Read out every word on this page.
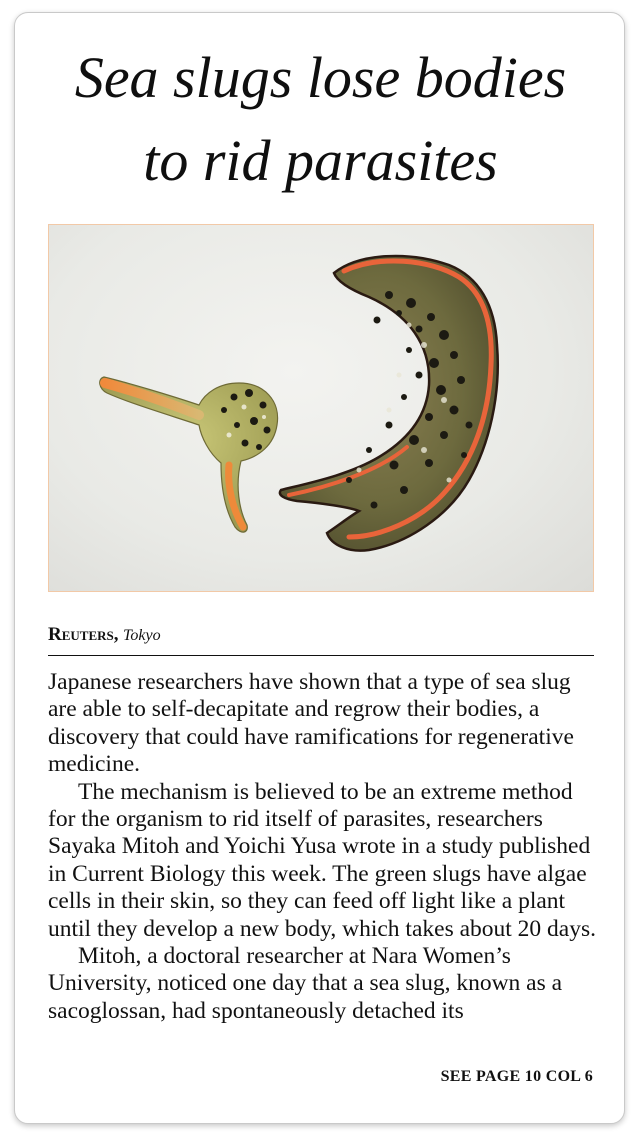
Sea slugs lose bodies
to rid parasites
Reuters, Tokyo

Japanese researchers have shown that a type of sea slug are able to self-decapitate and regrow their bodies, a discovery that could have ramifications for regenerative medicine.

The mechanism is believed to be an extreme method for the organism to rid itself of parasites, researchers Sayaka Mitoh and Yoichi Yusa wrote in a study published in Current Biology this week. The green slugs have algae cells in their skin, so they can feed off light like a plant until they develop a new body, which takes about 20 days.

Mitoh, a doctoral researcher at Nara Women’s University, noticed one day that a sea slug, known as a sacoglossan, had spontaneously detached its

SEE PAGE 10 COL 6
